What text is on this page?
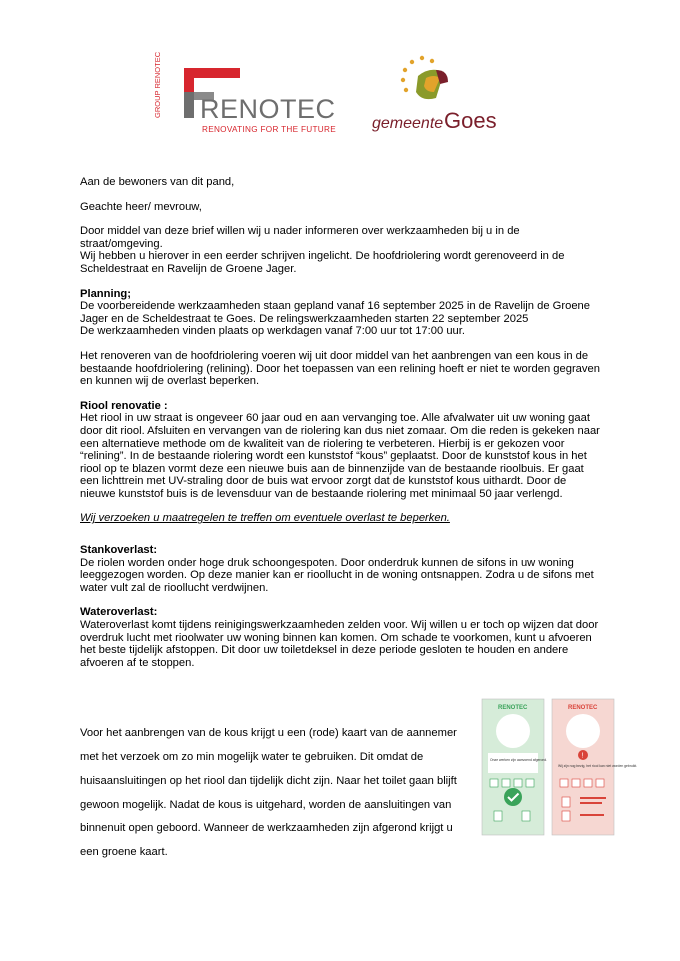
GROUP RENOTEC RENOTEC
RENOVATING FOR THE FUTURE gemeente Goes

Aan de bewoners van dit pand,

Geachte heer/ mevrouw,

Door middel van deze brief willen wij u nader informeren over werkzaamheden bij u in de

straat/omgeving.

Wij hebben u hierover in een eerder schrijven ingelicht. De hoofdriolering wordt gerenoveerd in de

Scheldestraat en Ravelijn de Groene Jager.

Planning;

De voorbereidende werkzaamheden staan gepland vanaf 16 september 2025 in de Ravelijn de Groene

Jager en de Scheldestraat te Goes. De relingswerkzaamheden starten 22 september 2025

De werkzaamheden vinden plaats op werkdagen vanaf 7:00 uur tot 17:00 uur.

Het renoveren van de hoofdriolering voeren wij uit door middel van het aanbrengen van een kous in de

bestaande hoofdriolering (relining). Door het toepassen van een relining hoeft er niet te worden gegraven

en kunnen wij de overlast beperken.

Riool renovatie :

Het riool in uw straat is ongeveer 60 jaar oud en aan vervanging toe. Alle afvalwater uit uw woning gaat

door dit riool. Afsluiten en vervangen van de riolering kan dus niet zomaar. Om die reden is gekeken naar

een alternatieve methode om de kwaliteit van de riolering te verbeteren. Hierbij is er gekozen voor

“relining”. In de bestaande riolering wordt een kunststof “kous” geplaatst. Door de kunststof kous in het

riool op te blazen vormt deze een nieuwe buis aan de binnenzijde van de bestaande rioolbuis. Er gaat

een lichttrein met UV-straling door de buis wat ervoor zorgt dat de kunststof kous uithardt. Door de

nieuwe kunststof buis is de levensduur van de bestaande riolering met minimaal 50 jaar verlengd.

Wij verzoeken u maatregelen te treffen om eventuele overlast te beperken.

Stankoverlast:

De riolen worden onder hoge druk schoongespoten. Door onderdruk kunnen de sifons in uw woning

leeggezogen worden. Op deze manier kan er rioollucht in de woning ontsnappen. Zodra u de sifons met

water vult zal de rioollucht verdwijnen.

Wateroverlast:

Wateroverlast komt tijdens reinigingswerkzaamheden zelden voor. Wij willen u er toch op wijzen dat door

overdruk lucht met rioolwater uw woning binnen kan komen. Om schade te voorkomen, kunt u afvoeren

het beste tijdelijk afstoppen. Dit door uw toiletdeksel in deze periode gesloten te houden en andere

afvoeren af te stoppen.

Voor het aanbrengen van de kous krijgt u een (rode) kaart van de aannemer

met het verzoek om zo min mogelijk water te gebruiken. Dit omdat de

huisaansluitingen op het riool dan tijdelijk dicht zijn. Naar het toilet gaan blijft

gewoon mogelijk. Nadat de kous is uitgehard, worden de aansluitingen van

binnenuit open geboord. Wanneer de werkzaamheden zijn afgerond krijgt u

een groene kaart.

RENOTEC
Onze werken zijn aanvoend afgerond.
RENOTEC
!
Wij zijn nog bezig, het riool kan niet worden gebruikt.
